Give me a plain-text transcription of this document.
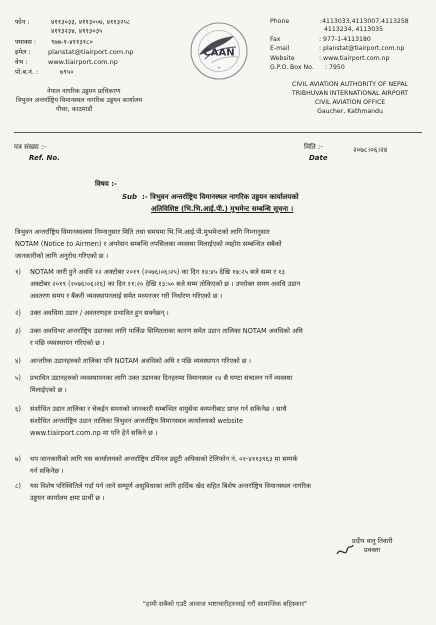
फोन :	४११३०३३, ४११३००७, ४११३२५८
४११३२३४, ४११३०३५
फ्याक्स : ९७७-१-४११३१८०
इमेल :	planstat@tiairport.com.np
वेभ :	www.tiairport.com.np
पो.ब.नं. :	७९५०
नेपाल नागरिक उड्डयन प्राधिकरण
त्रिभुवन अन्तर्राष्ट्रिय विमानस्थल नागरिक उड्डयन कार्यालय
गौचर, काठमाडौं
CAAN
✈
Phone	:4113033,4113007,4113258
4113234, 4113035
Fax	: 977-1-4113180
E-mail	: planstat@tiairport.com.np
Website	: www.tiairport.com.np
G.P.O. Box No. : 7950
CIVIL AVIATION AUTHORITY OF NEPAL
TRIBHUVAN INTERNATIONAL AIRPORT
CIVIL AVIATION OFFICE
Gaucher, Kathmandu
पत्र संख्या :-
Ref. No.
मिति :-
Date
२०७८।०६।२४
विषय :-
Sub :- त्रिभुवन अन्तर्राष्ट्रिय विमानस्थल नागरिक उड्डयन कार्यालयको
अतिविशिष्ट (भि.भि.आई.पी.) मुभमेन्ट सम्बन्धि सूचना ।
त्रिभुवन अन्तर्राष्ट्रिय विमानस्थलमा निम्नानुसार मिति तथा समयमा भि.भि.आई.पी.मुभमेन्टको लागि निम्नानुसार
NOTAM (Notice to Airmen) र अपरेसन सम्बन्धि तपसिलका व्यवस्था मिलाईएको व्यहोरा सम्बन्धित सबैको
जानकारीको लागि अनुरोध गरिएको छ ।
१) NOTAM जारी हुने अवधि १२ अक्टोबर २०१९ (२०७६।०६।२५) का दिन १४:४५ देखि १७:२५ बजे सम्म र १३
अक्टोबर २०१९ (२०७६।०६।२६) का दिन ११:२० देखि १३:५० बजे सम्म तोकिएको छ । उपरोक्त समय अवधि उडान
अवतरण समय र बैंकरी व्यवस्थापनलाई समेत मध्यनजर गरी निर्धारण गरिएको छ ।
२) उक्त अवधिमा उडान / अवतरणहरु प्रभावित हुन सक्नेछन् ।
३) उक्त अवधिभर अन्तर्राष्ट्रिय उडानका लागि पार्किङ सिमितताका कारण समेत उडान तालिका NOTAM अवधिको अघि
र पछि व्यवस्थापन गरिएको छ ।
४) आन्तरिक उडानहरुको तालिका पनि NOTAM अवधिको अघि र पछि व्यवस्थापन गरिएको छ ।
५) प्रभावित उडानहरुको व्यवस्थापनका लागि उक्त उडानका दिनहरुमा विमानस्थल २४ सै घण्टा संचालन गर्ने व्यवस्था
मिलाईएको छ ।
६) संशोधित उडान तालिका र चेकईन समयको जानकारी सम्बन्धित वायुसेवा कम्पनीबाट प्राप्त गर्न सकिनेछ । साथै
संशोधित अन्तर्राष्ट्रिय उडान तालिका त्रिभुवन अन्तर्राष्ट्रिय विमानस्थल कार्यालयको website
www.tiairport.com.np मा पनि हेर्न सकिने छ ।
७) थप जानकारीको लागि यस कार्यालयको अन्तर्राष्ट्रिय टर्मिनल ड्युटी अफिसको टेलिफोन नं. ०१-४११३९६३ मा सम्पर्क
गर्न सकिनेछ ।
८) यस विशेष परिस्थितिले गर्दा पर्न जाने सम्पूर्ण असुविधाका लागि हार्दिक खेद सहित बिशेष अन्तर्राष्ट्रिय विमानस्थल नागरिक
उड्डयन कार्यालय क्षमा प्रार्थी छ ।
प्रदीप वानु तिवारी
प्रवक्ता
"हामी सबैको एउटै आवाज भष्टाचारीहरुलाई गरौं सामाजिक बहिस्कार"
